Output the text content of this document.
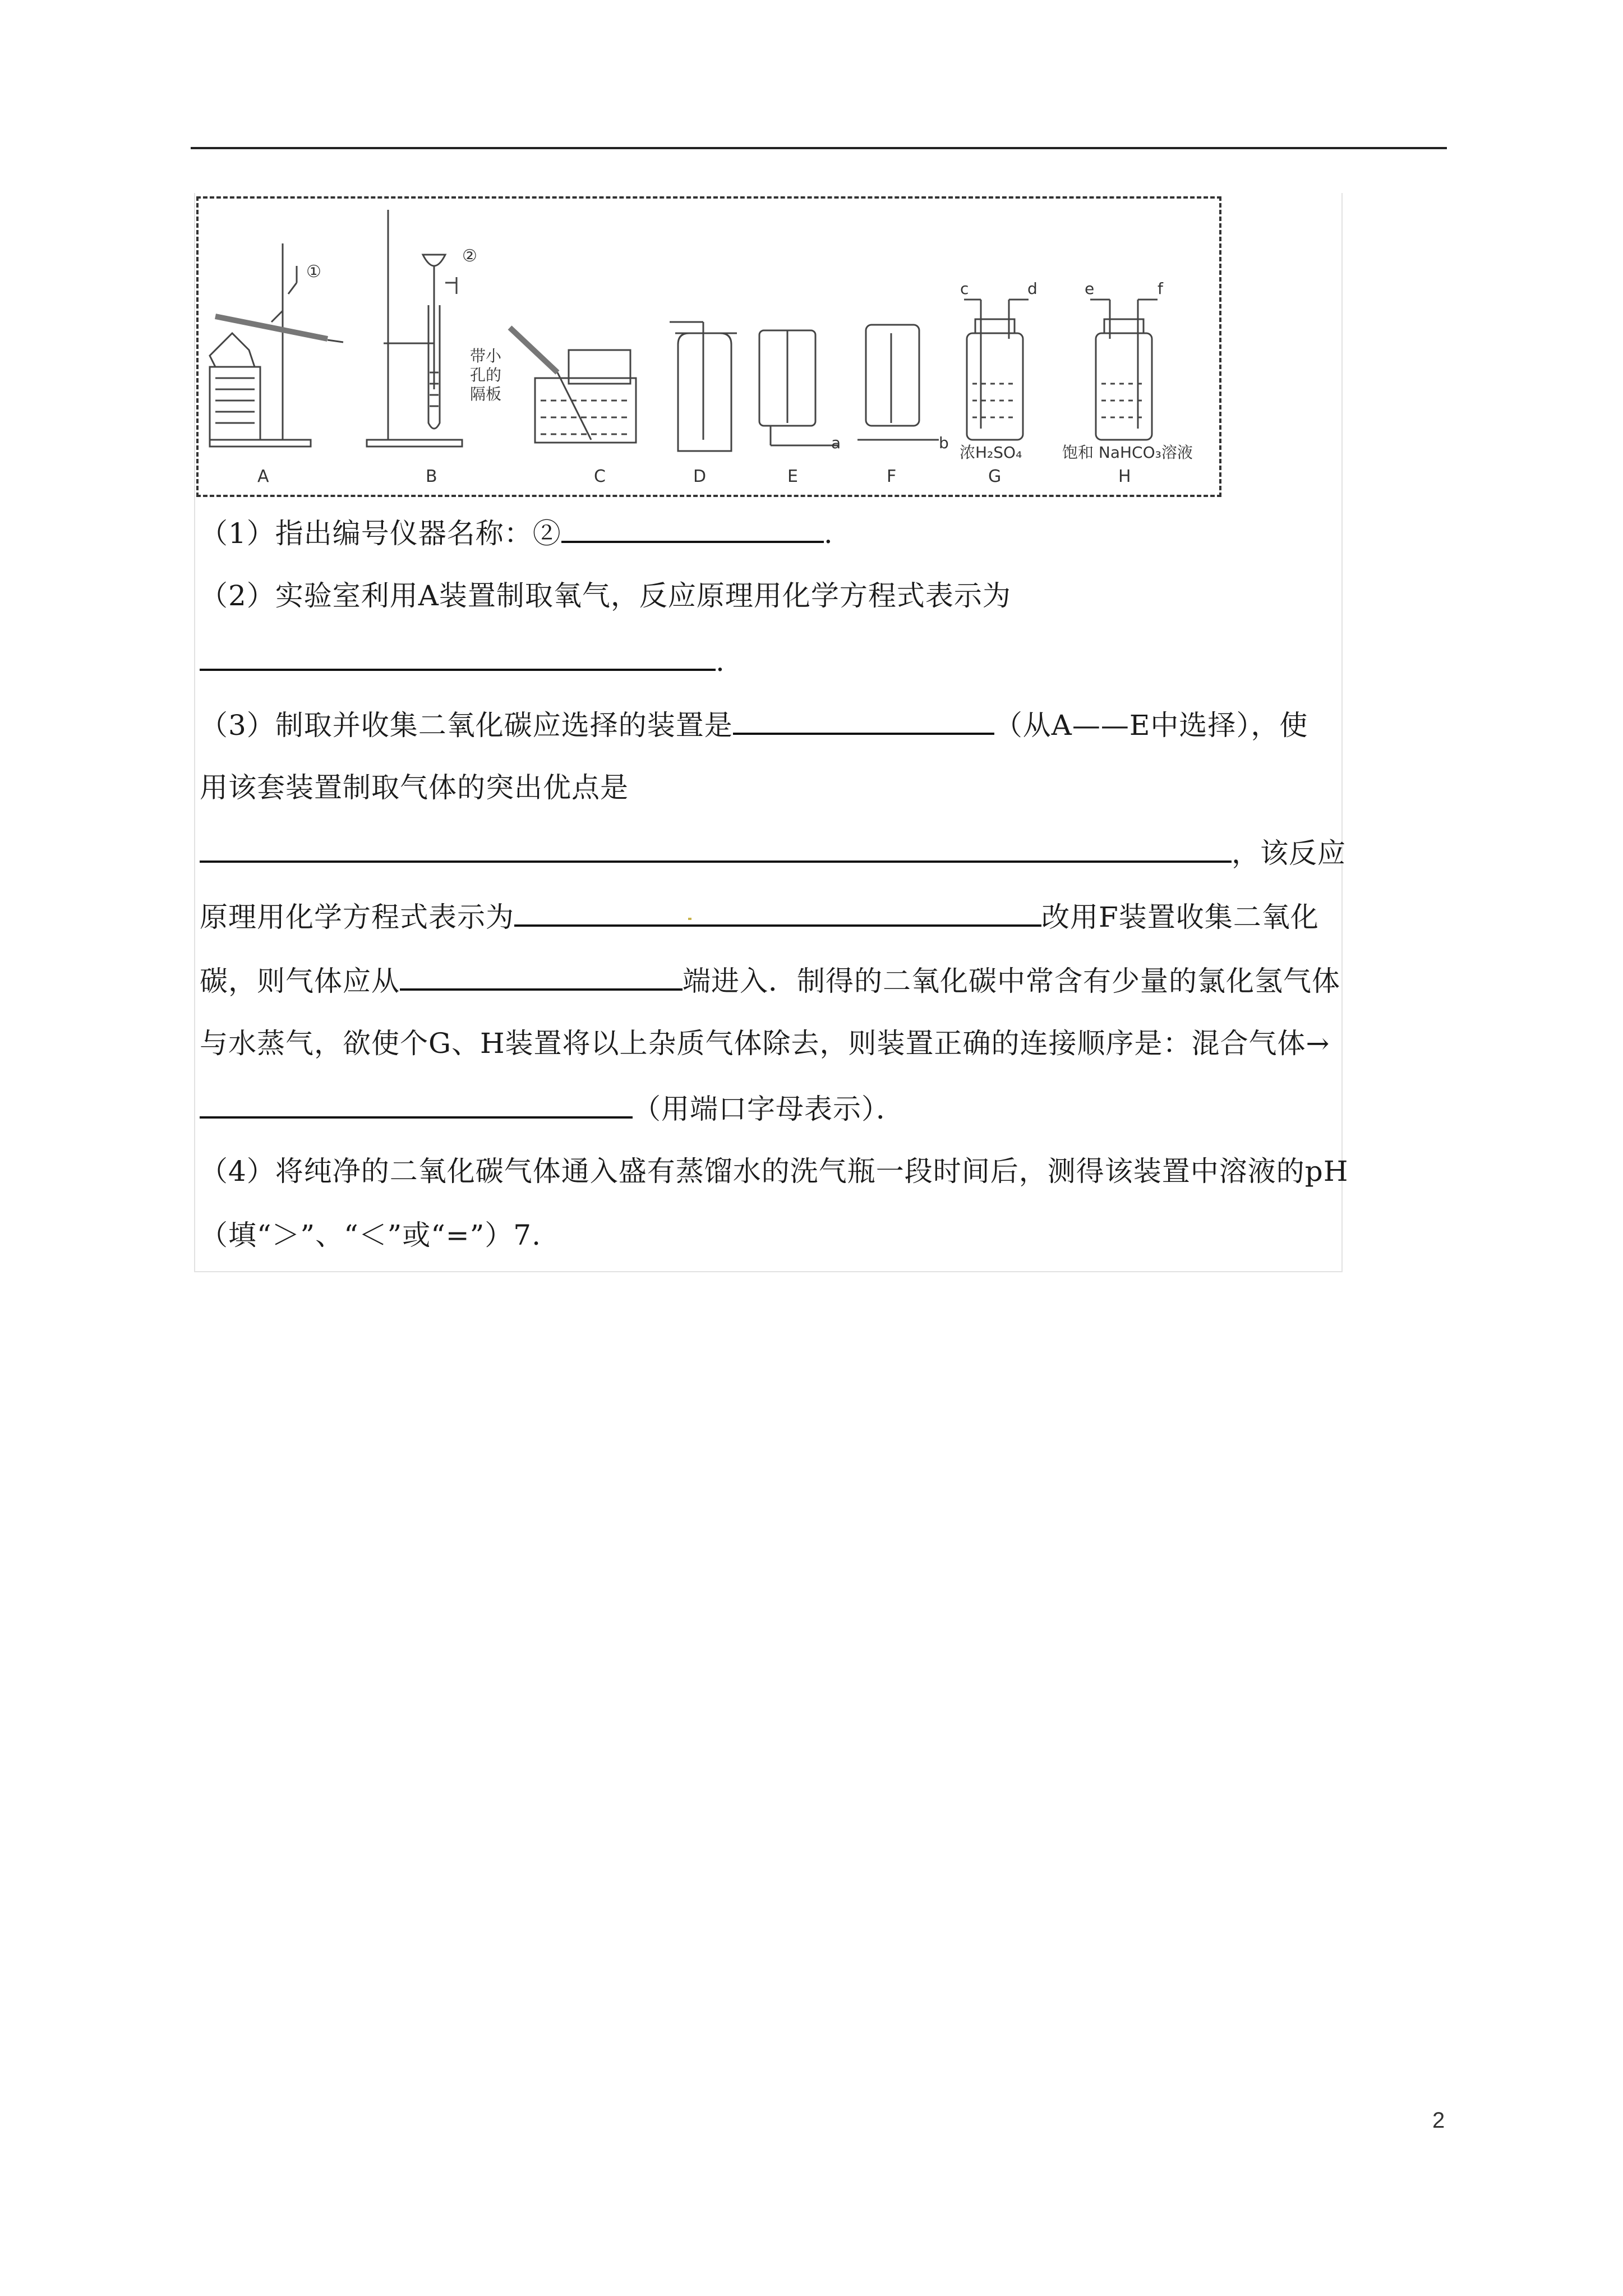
①
②
带小
孔的
隔板
a	b
c	d	e	f
浓H₂SO₄	饱和 NaHCO₃溶液
A	B	C	D	E	F	G	H
（1）指出编号仪器名称：②	.
（2）实验室利用A装置制取氧气，反应原理用化学方程式表示为
.
（3）制取并收集二氧化碳应选择的装置是	（从A——E中选择），使
用该套装置制取气体的突出优点是
，该反应
原理用化学方程式表示为	改用F装置收集二氧化
碳，则气体应从	端进入．制得的二氧化碳中常含有少量的氯化氢气体
与水蒸气，欲使个G、H装置将以上杂质气体除去，则装置正确的连接顺序是：混合气体→
（用端口字母表示）．
（4）将纯净的二氧化碳气体通入盛有蒸馏水的洗气瓶一段时间后，测得该装置中溶液的pH
（填“＞”、“＜”或“=”）7.
2
